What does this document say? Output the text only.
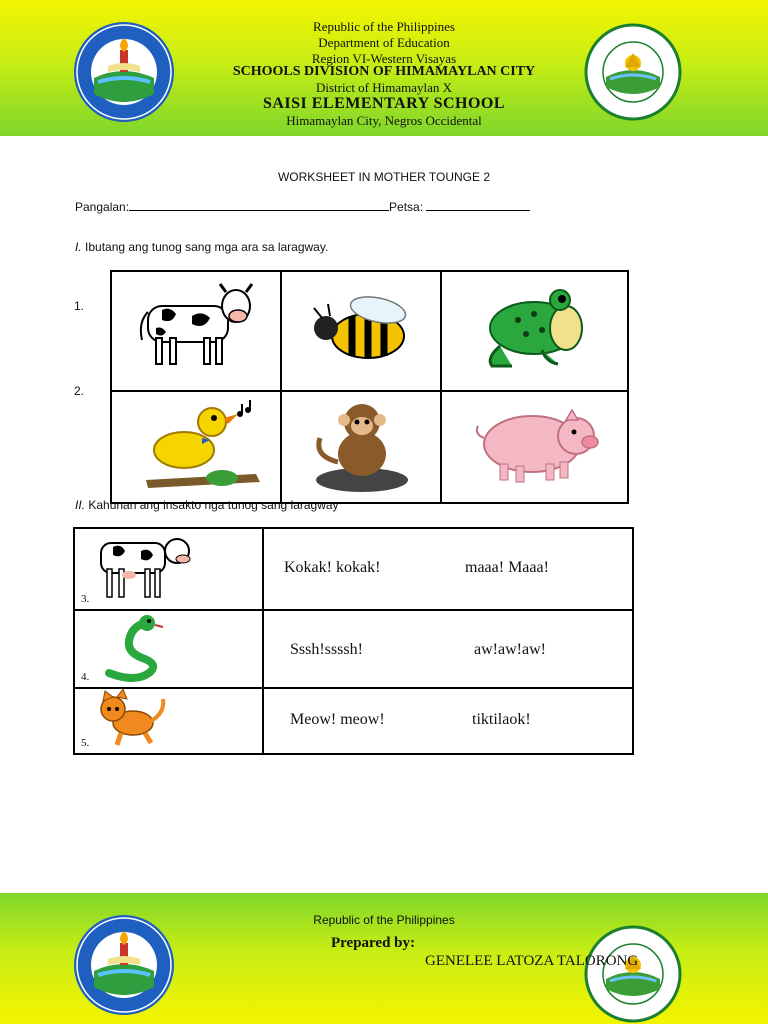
Republic of the Philippines
Department of Education
Region VI-Western Visayas
SCHOOLS DIVISION OF HIMAMAYLAN CITY
District of Himamaylan X
SAISI ELEMENTARY SCHOOL
Himamaylan City, Negros Occidental
WORKSHEET IN MOTHER TOUNGE 2
Pangalan:	Petsa:
I. Ibutang ang tunog sang mga ara sa laragway.
1.
2.

II. Kahunan ang insakto nga tunog sang laragway
3.	Kokak! kokak! maaa! Maaa!

4.	Sssh!ssssh! aw!aw!aw!

5.	Meow! meow! tiktilaok!
Republic of the Philippines
Prepared by:
GENELEE LATOZA TALORONG
